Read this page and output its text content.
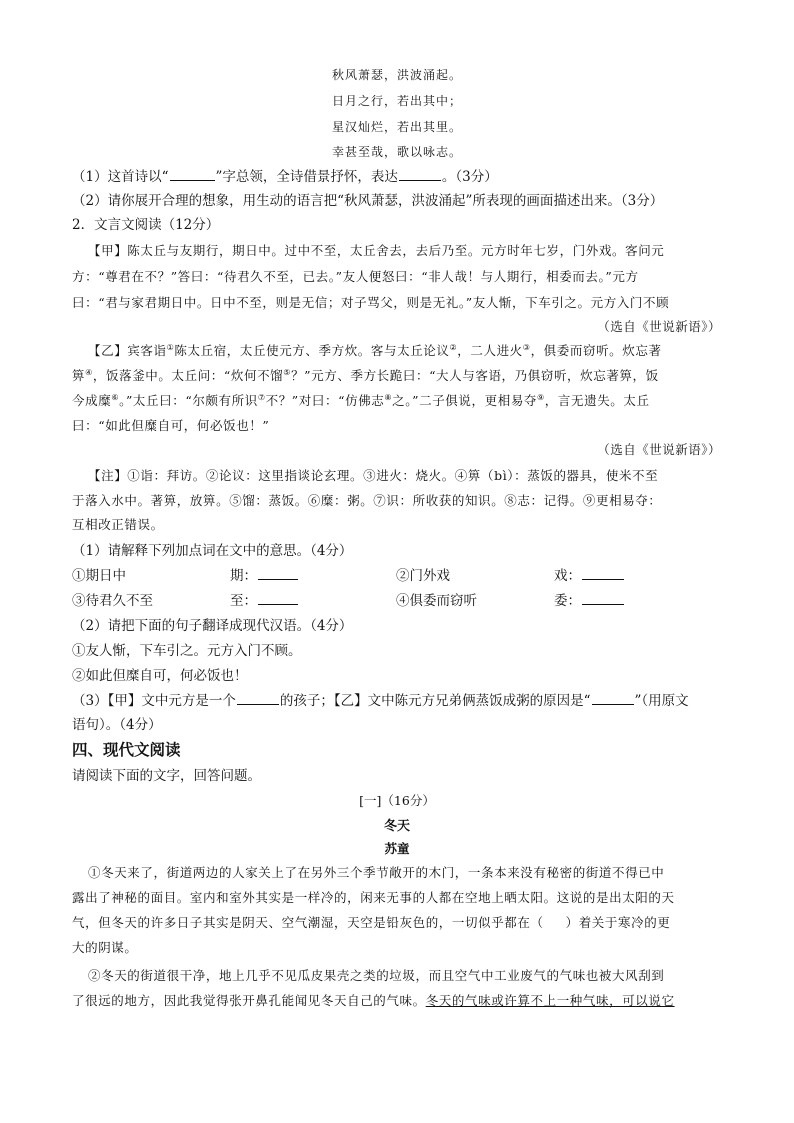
秋风萧瑟，洪波涌起。
日月之行，若出其中；
星汉灿烂，若出其里。
幸甚至哉，歌以咏志。
（1）这首诗以“	”字总领，全诗借景抒怀，表达	。（3分）
（2）请你展开合理的想象，用生动的语言把“秋风萧瑟，洪波涌起”所表现的画面描述出来。（3分）
2．文言文阅读（12分）
【甲】陈太丘与友期行，期日中。过中不至，太丘舍去，去后乃至。元方时年七岁，门外戏。客问元
方：“尊君在不？”答曰：“待君久不至，已去。”友人便怒曰：“非人哉！与人期行，相委而去。”元方
曰：“君与家君期日中。日中不至，则是无信；对子骂父，则是无礼。”友人惭，下车引之。元方入门不顾
（选自《世说新语》）
【乙】宾客诣①陈太丘宿，太丘使元方、季方炊。客与太丘论议②，二人进火③，俱委而窃听。炊忘著
箅④，饭落釜中。太丘问：“炊何不馏⑤？”元方、季方长跪曰：“大人与客语，乃俱窃听，炊忘著箅，饭
今成糜⑥。”太丘曰：“尔颇有所识⑦不？”对曰：“仿佛志⑧之。”二子俱说，更相易夺⑨，言无遗失。太丘
曰：“如此但糜自可，何必饭也！”
（选自《世说新语》）
【注】①诣：拜访。②论议：这里指谈论玄理。③进火：烧火。④箅（bì）：蒸饭的器具，使米不至
于落入水中。著箅，放箅。⑤馏：蒸饭。⑥糜：粥。⑦识：所收获的知识。⑧志：记得。⑨更相易夺：
互相改正错误。
（1）请解释下列加点词在文中的意思。（4分）
①期日中	期：	②门外戏	戏：
③待君久不至	至：	④俱委而窃听	委：
（2）请把下面的句子翻译成现代汉语。（4分）
①友人惭，下车引之。元方入门不顾。
②如此但糜自可，何必饭也！
（3）【甲】文中元方是一个	的孩子；【乙】文中陈元方兄弟俩蒸饭成粥的原因是“	”（用原文
语句）。（4分）
四、现代文阅读
请阅读下面的文字，回答问题。
[一]（16分）
冬天
苏童
①冬天来了，街道两边的人家关上了在另外三个季节敞开的木门，一条本来没有秘密的街道不得已中
露出了神秘的面目。室内和室外其实是一样冷的，闲来无事的人都在空地上晒太阳。这说的是出太阳的天
气，但冬天的许多日子其实是阴天、空气潮湿，天空是铅灰色的，一切似乎都在（ ）着关于寒冷的更
大的阴谋。
②冬天的街道很干净，地上几乎不见瓜皮果壳之类的垃圾，而且空气中工业废气的气味也被大风刮到
了很远的地方，因此我觉得张开鼻孔能闻见冬天自己的气味。冬天的气味或许算不上一种气味，可以说它
